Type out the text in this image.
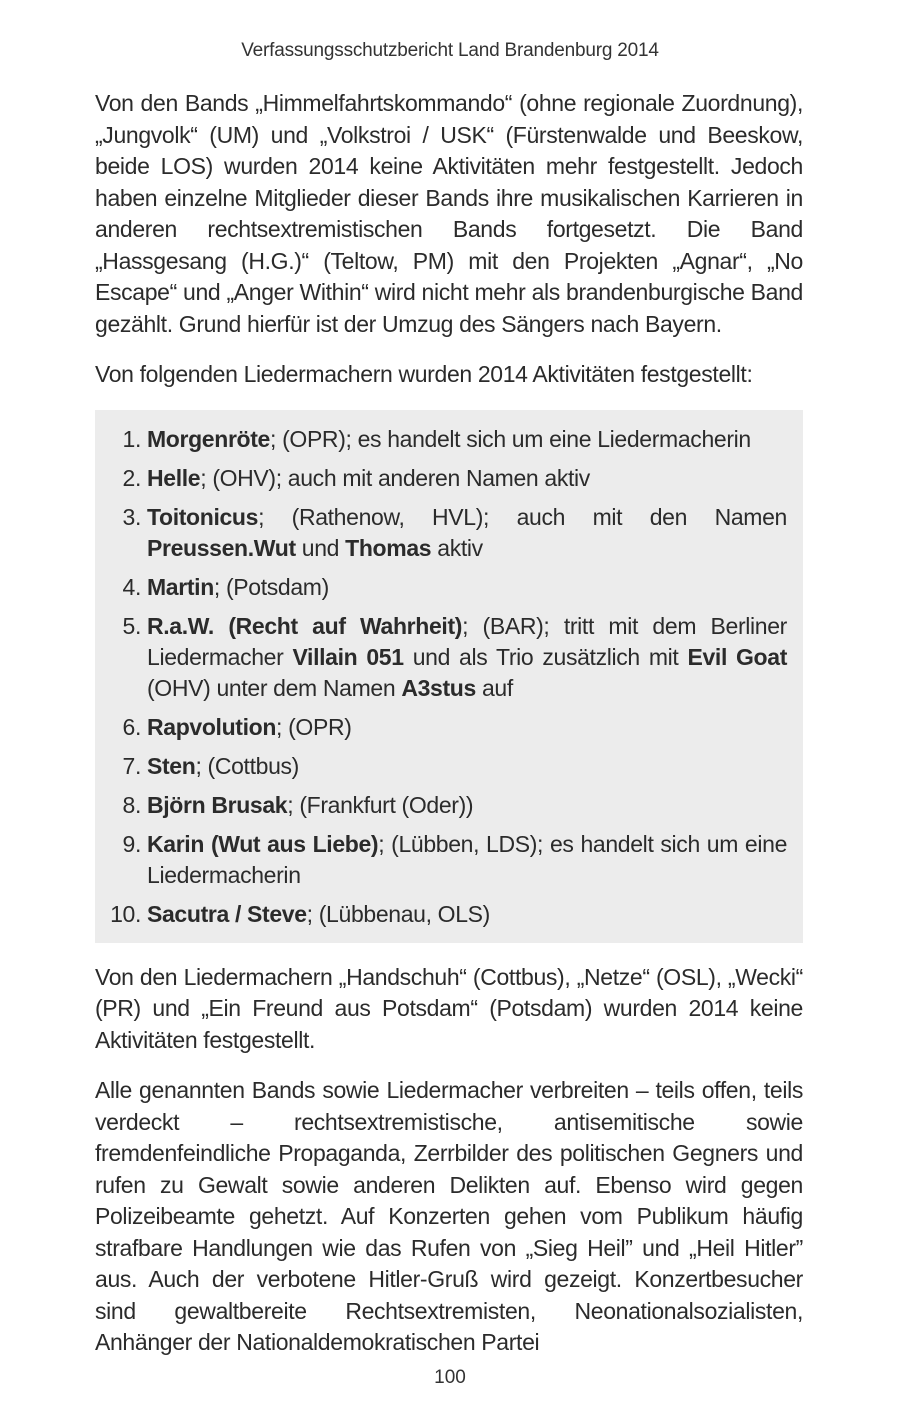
Verfassungsschutzbericht Land Brandenburg 2014

Von den Bands „Himmelfahrtskommando“ (ohne regionale Zuordnung), „Jungvolk“ (UM) und „Volkstroi / USK“ (Fürstenwalde und Beeskow, beide LOS) wurden 2014 keine Aktivitäten mehr festgestellt. Jedoch haben einzelne Mitglieder dieser Bands ihre musikalischen Karrieren in anderen rechtsextremistischen Bands fortgesetzt. Die Band „Hassgesang (H.G.)“ (Teltow, PM) mit den Projekten „Agnar“, „No Escape“ und „Anger Within“ wird nicht mehr als brandenburgische Band gezählt. Grund hierfür ist der Umzug des Sängers nach Bayern.

Von folgenden Liedermachern wurden 2014 Aktivitäten festgestellt:

1. Morgenröte; (OPR); es handelt sich um eine Liedermacherin
2. Helle; (OHV); auch mit anderen Namen aktiv
3. Toitonicus; (Rathenow, HVL); auch mit den Namen Preussen.Wut und Thomas aktiv
4. Martin; (Potsdam)
5. R.a.W. (Recht auf Wahrheit); (BAR); tritt mit dem Berliner Liedermacher Villain 051 und als Trio zusätzlich mit Evil Goat (OHV) unter dem Namen A3stus auf
6. Rapvolution; (OPR)
7. Sten; (Cottbus)
8. Björn Brusak; (Frankfurt (Oder))
9. Karin (Wut aus Liebe); (Lübben, LDS); es handelt sich um eine Liedermacherin
10. Sacutra / Steve; (Lübbenau, OLS)

Von den Liedermachern „Handschuh“ (Cottbus), „Netze“ (OSL), „Wecki“ (PR) und „Ein Freund aus Potsdam“ (Potsdam) wurden 2014 keine Aktivitäten festgestellt.

Alle genannten Bands sowie Liedermacher verbreiten – teils offen, teils verdeckt – rechtsextremistische, antisemitische sowie fremdenfeindliche Propaganda, Zerrbilder des politischen Gegners und rufen zu Gewalt sowie anderen Delikten auf. Ebenso wird gegen Polizeibeamte gehetzt. Auf Konzerten gehen vom Publikum häufig strafbare Handlungen wie das Rufen von „Sieg Heil” und „Heil Hitler” aus. Auch der verbotene Hitler-Gruß wird gezeigt. Konzertbesucher sind gewaltbereite Rechtsextremisten, Neonationalsozialisten, Anhänger der Nationaldemokratischen Partei

100
